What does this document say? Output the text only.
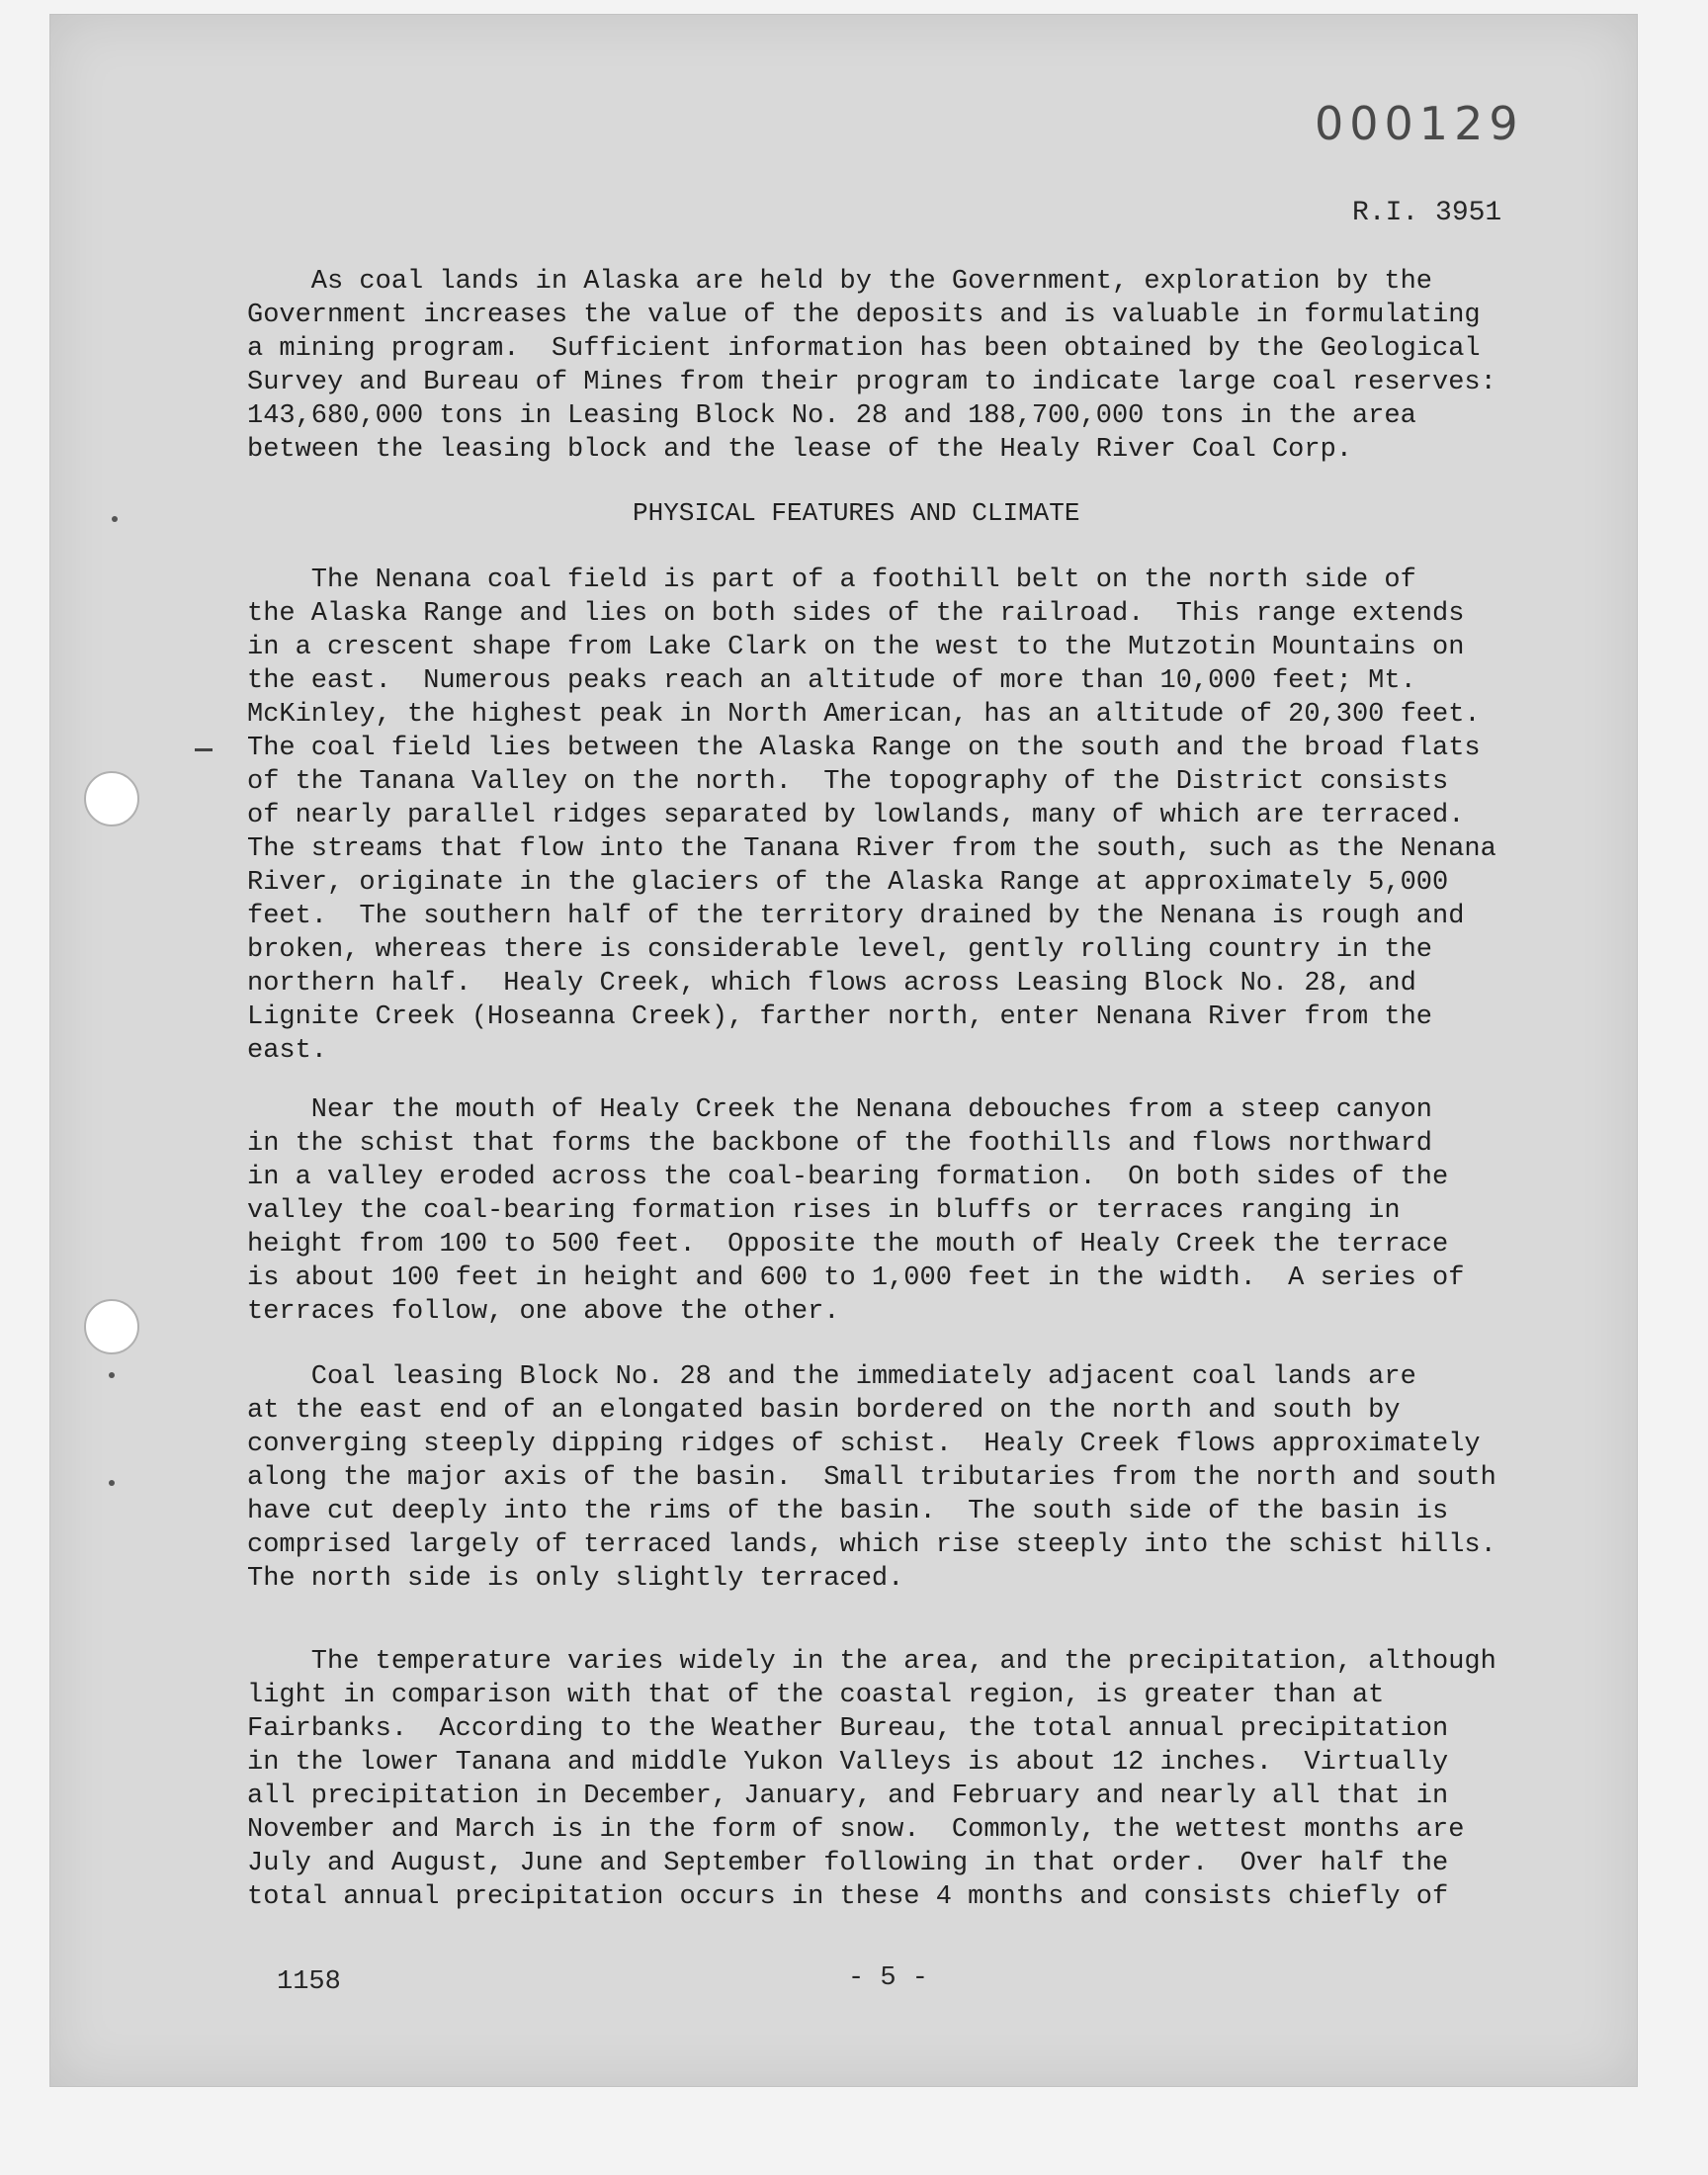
000129
R.I. 3951
As coal lands in Alaska are held by the Government, exploration by the
Government increases the value of the deposits and is valuable in formulating
a mining program.  Sufficient information has been obtained by the Geological
Survey and Bureau of Mines from their program to indicate large coal reserves:
143,680,000 tons in Leasing Block No. 28 and 188,700,000 tons in the area
between the leasing block and the lease of the Healy River Coal Corp.
PHYSICAL FEATURES AND CLIMATE
The Nenana coal field is part of a foothill belt on the north side of
the Alaska Range and lies on both sides of the railroad.  This range extends
in a crescent shape from Lake Clark on the west to the Mutzotin Mountains on
the east.  Numerous peaks reach an altitude of more than 10,000 feet; Mt.
McKinley, the highest peak in North American, has an altitude of 20,300 feet.
The coal field lies between the Alaska Range on the south and the broad flats
of the Tanana Valley on the north.  The topography of the District consists
of nearly parallel ridges separated by lowlands, many of which are terraced.
The streams that flow into the Tanana River from the south, such as the Nenana
River, originate in the glaciers of the Alaska Range at approximately 5,000
feet.  The southern half of the territory drained by the Nenana is rough and
broken, whereas there is considerable level, gently rolling country in the
northern half.  Healy Creek, which flows across Leasing Block No. 28, and
Lignite Creek (Hoseanna Creek), farther north, enter Nenana River from the
east.
Near the mouth of Healy Creek the Nenana debouches from a steep canyon
in the schist that forms the backbone of the foothills and flows northward
in a valley eroded across the coal-bearing formation.  On both sides of the
valley the coal-bearing formation rises in bluffs or terraces ranging in
height from 100 to 500 feet.  Opposite the mouth of Healy Creek the terrace
is about 100 feet in height and 600 to 1,000 feet in the width.  A series of
terraces follow, one above the other.
Coal leasing Block No. 28 and the immediately adjacent coal lands are
at the east end of an elongated basin bordered on the north and south by
converging steeply dipping ridges of schist.  Healy Creek flows approximately
along the major axis of the basin.  Small tributaries from the north and south
have cut deeply into the rims of the basin.  The south side of the basin is
comprised largely of terraced lands, which rise steeply into the schist hills.
The north side is only slightly terraced.
The temperature varies widely in the area, and the precipitation, although
light in comparison with that of the coastal region, is greater than at
Fairbanks.  According to the Weather Bureau, the total annual precipitation
in the lower Tanana and middle Yukon Valleys is about 12 inches.  Virtually
all precipitation in December, January, and February and nearly all that in
November and March is in the form of snow.  Commonly, the wettest months are
July and August, June and September following in that order.  Over half the
total annual precipitation occurs in these 4 months and consists chiefly of
1158	- 5 -
